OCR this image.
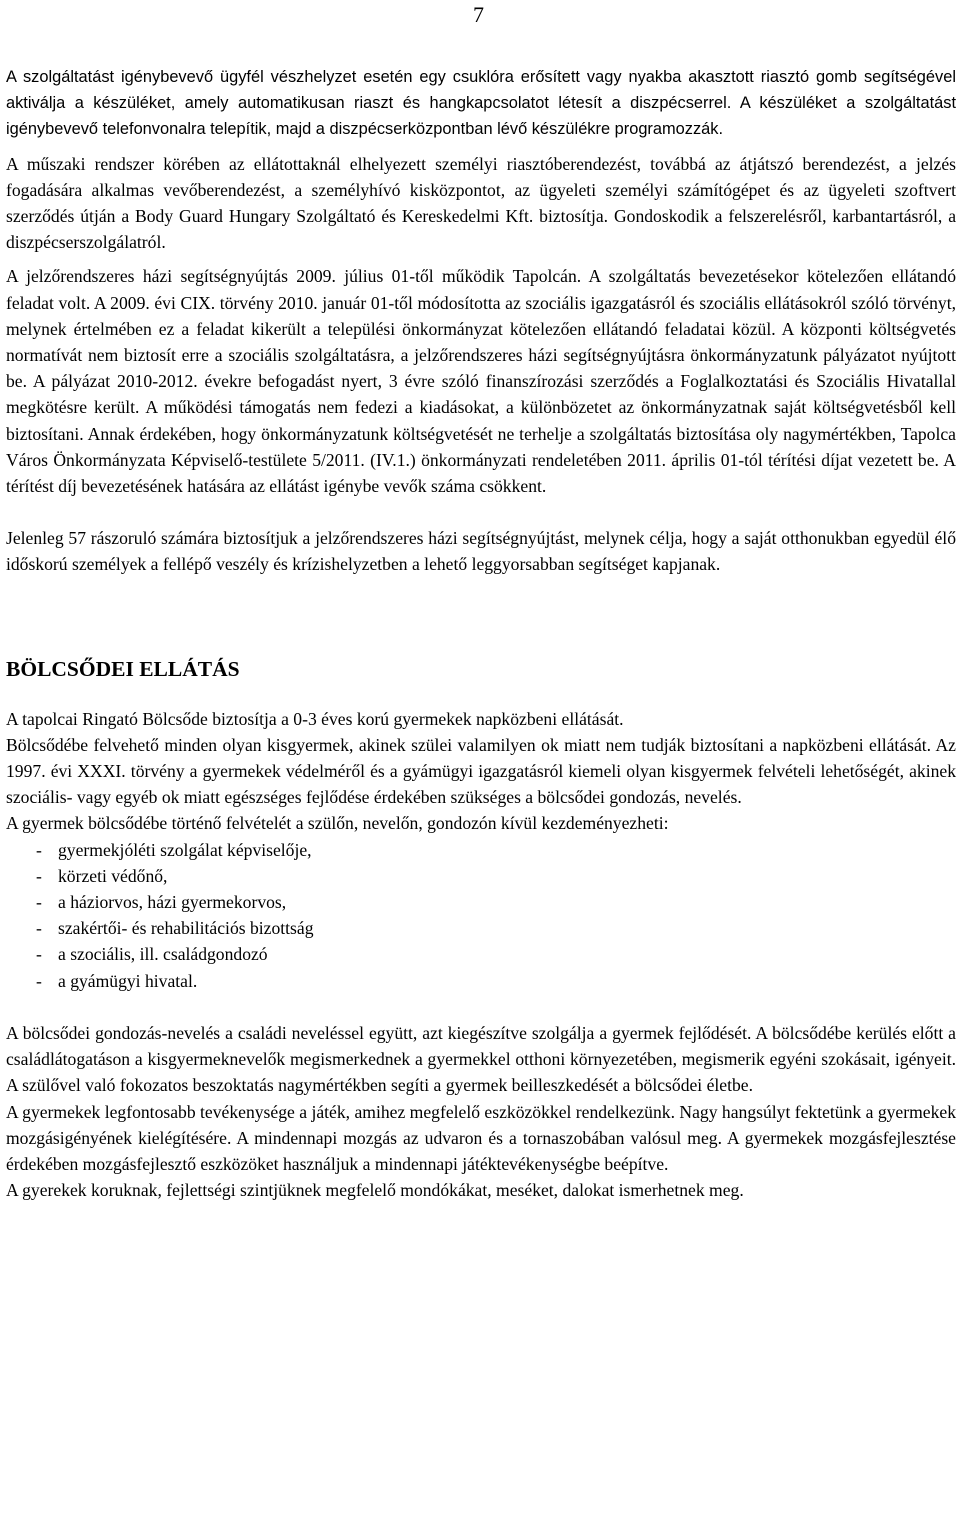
7

A szolgáltatást igénybevevő ügyfél vészhelyzet esetén egy csuklóra erősített vagy nyakba akasztott riasztó gomb segítségével aktiválja a készüléket, amely automatikusan riaszt és hangkapcsolatot létesít a diszpécserrel. A készüléket a szolgáltatást igénybevevő telefonvonalra telepítik, majd a diszpécserközpontban lévő készülékre programozzák.

A műszaki rendszer körében az ellátottaknál elhelyezett személyi riasztóberendezést, továbbá az átjátszó berendezést, a jelzés fogadására alkalmas vevőberendezést, a személyhívó kisközpontot, az ügyeleti személyi számítógépet és az ügyeleti szoftvert szerződés útján a Body Guard Hungary Szolgáltató és Kereskedelmi Kft. biztosítja. Gondoskodik a felszerelésről, karbantartásról, a diszpécserszolgálatról.

A jelzőrendszeres házi segítségnyújtás 2009. július 01-től működik Tapolcán. A szolgáltatás bevezetésekor kötelezően ellátandó feladat volt. A 2009. évi CIX. törvény 2010. január 01-től módosította az szociális igazgatásról és szociális ellátásokról szóló törvényt, melynek értelmében ez a feladat kikerült a települési önkormányzat kötelezően ellátandó feladatai közül. A központi költségvetés normatívát nem biztosít erre a szociális szolgáltatásra, a jelzőrendszeres házi segítségnyújtásra önkormányzatunk pályázatot nyújtott be. A pályázat 2010-2012. évekre befogadást nyert, 3 évre szóló finanszírozási szerződés a Foglalkoztatási és Szociális Hivatallal megkötésre került. A működési támogatás nem fedezi a kiadásokat, a különbözetet az önkormányzatnak saját költségvetésből kell biztosítani. Annak érdekében, hogy önkormányzatunk költségvetését ne terhelje a szolgáltatás biztosítása oly nagymértékben, Tapolca Város Önkormányzata Képviselő-testülete 5/2011. (IV.1.) önkormányzati rendeletében 2011. április 01-tól térítési díjat vezetett be. A térítést díj bevezetésének hatására az ellátást igénybe vevők száma csökkent.

Jelenleg 57 rászoruló számára biztosítjuk a jelzőrendszeres házi segítségnyújtást, melynek célja, hogy a saját otthonukban egyedül élő időskorú személyek a fellépő veszély és krízishelyzetben a lehető leggyorsabban segítséget kapjanak.

BÖLCSŐDEI ELLÁTÁS

A tapolcai Ringató Bölcsőde biztosítja a 0-3 éves korú gyermekek napközbeni ellátását.

Bölcsődébe felvehető minden olyan kisgyermek, akinek szülei valamilyen ok miatt nem tudják biztosítani a napközbeni ellátását. Az 1997. évi XXXI. törvény a gyermekek védelméről és a gyámügyi igazgatásról kiemeli olyan kisgyermek felvételi lehetőségét, akinek szociális- vagy egyéb ok miatt egészséges fejlődése érdekében szükséges a bölcsődei gondozás, nevelés.

A gyermek bölcsődébe történő felvételét a szülőn, nevelőn, gondozón kívül kezdeményezheti:

- gyermekjóléti szolgálat képviselője,
- körzeti védőnő,
- a háziorvos, házi gyermekorvos,
- szakértői- és rehabilitációs bizottság
- a szociális, ill. családgondozó
- a gyámügyi hivatal.

A bölcsődei gondozás-nevelés a családi neveléssel együtt, azt kiegészítve szolgálja a gyermek fejlődését. A bölcsődébe kerülés előtt a családlátogatáson a kisgyermeknevelők megismerkednek a gyermekkel otthoni környezetében, megismerik egyéni szokásait, igényeit. A szülővel való fokozatos beszoktatás nagymértékben segíti a gyermek beilleszkedését a bölcsődei életbe.

A gyermekek legfontosabb tevékenysége a játék, amihez megfelelő eszközökkel rendelkezünk. Nagy hangsúlyt fektetünk a gyermekek mozgásigényének kielégítésére. A mindennapi mozgás az udvaron és a tornaszobában valósul meg. A gyermekek mozgásfejlesztése érdekében mozgásfejlesztő eszközöket használjuk a mindennapi játéktevékenységbe beépítve.

A gyerekek koruknak, fejlettségi szintjüknek megfelelő mondókákat, meséket, dalokat ismerhetnek meg.
